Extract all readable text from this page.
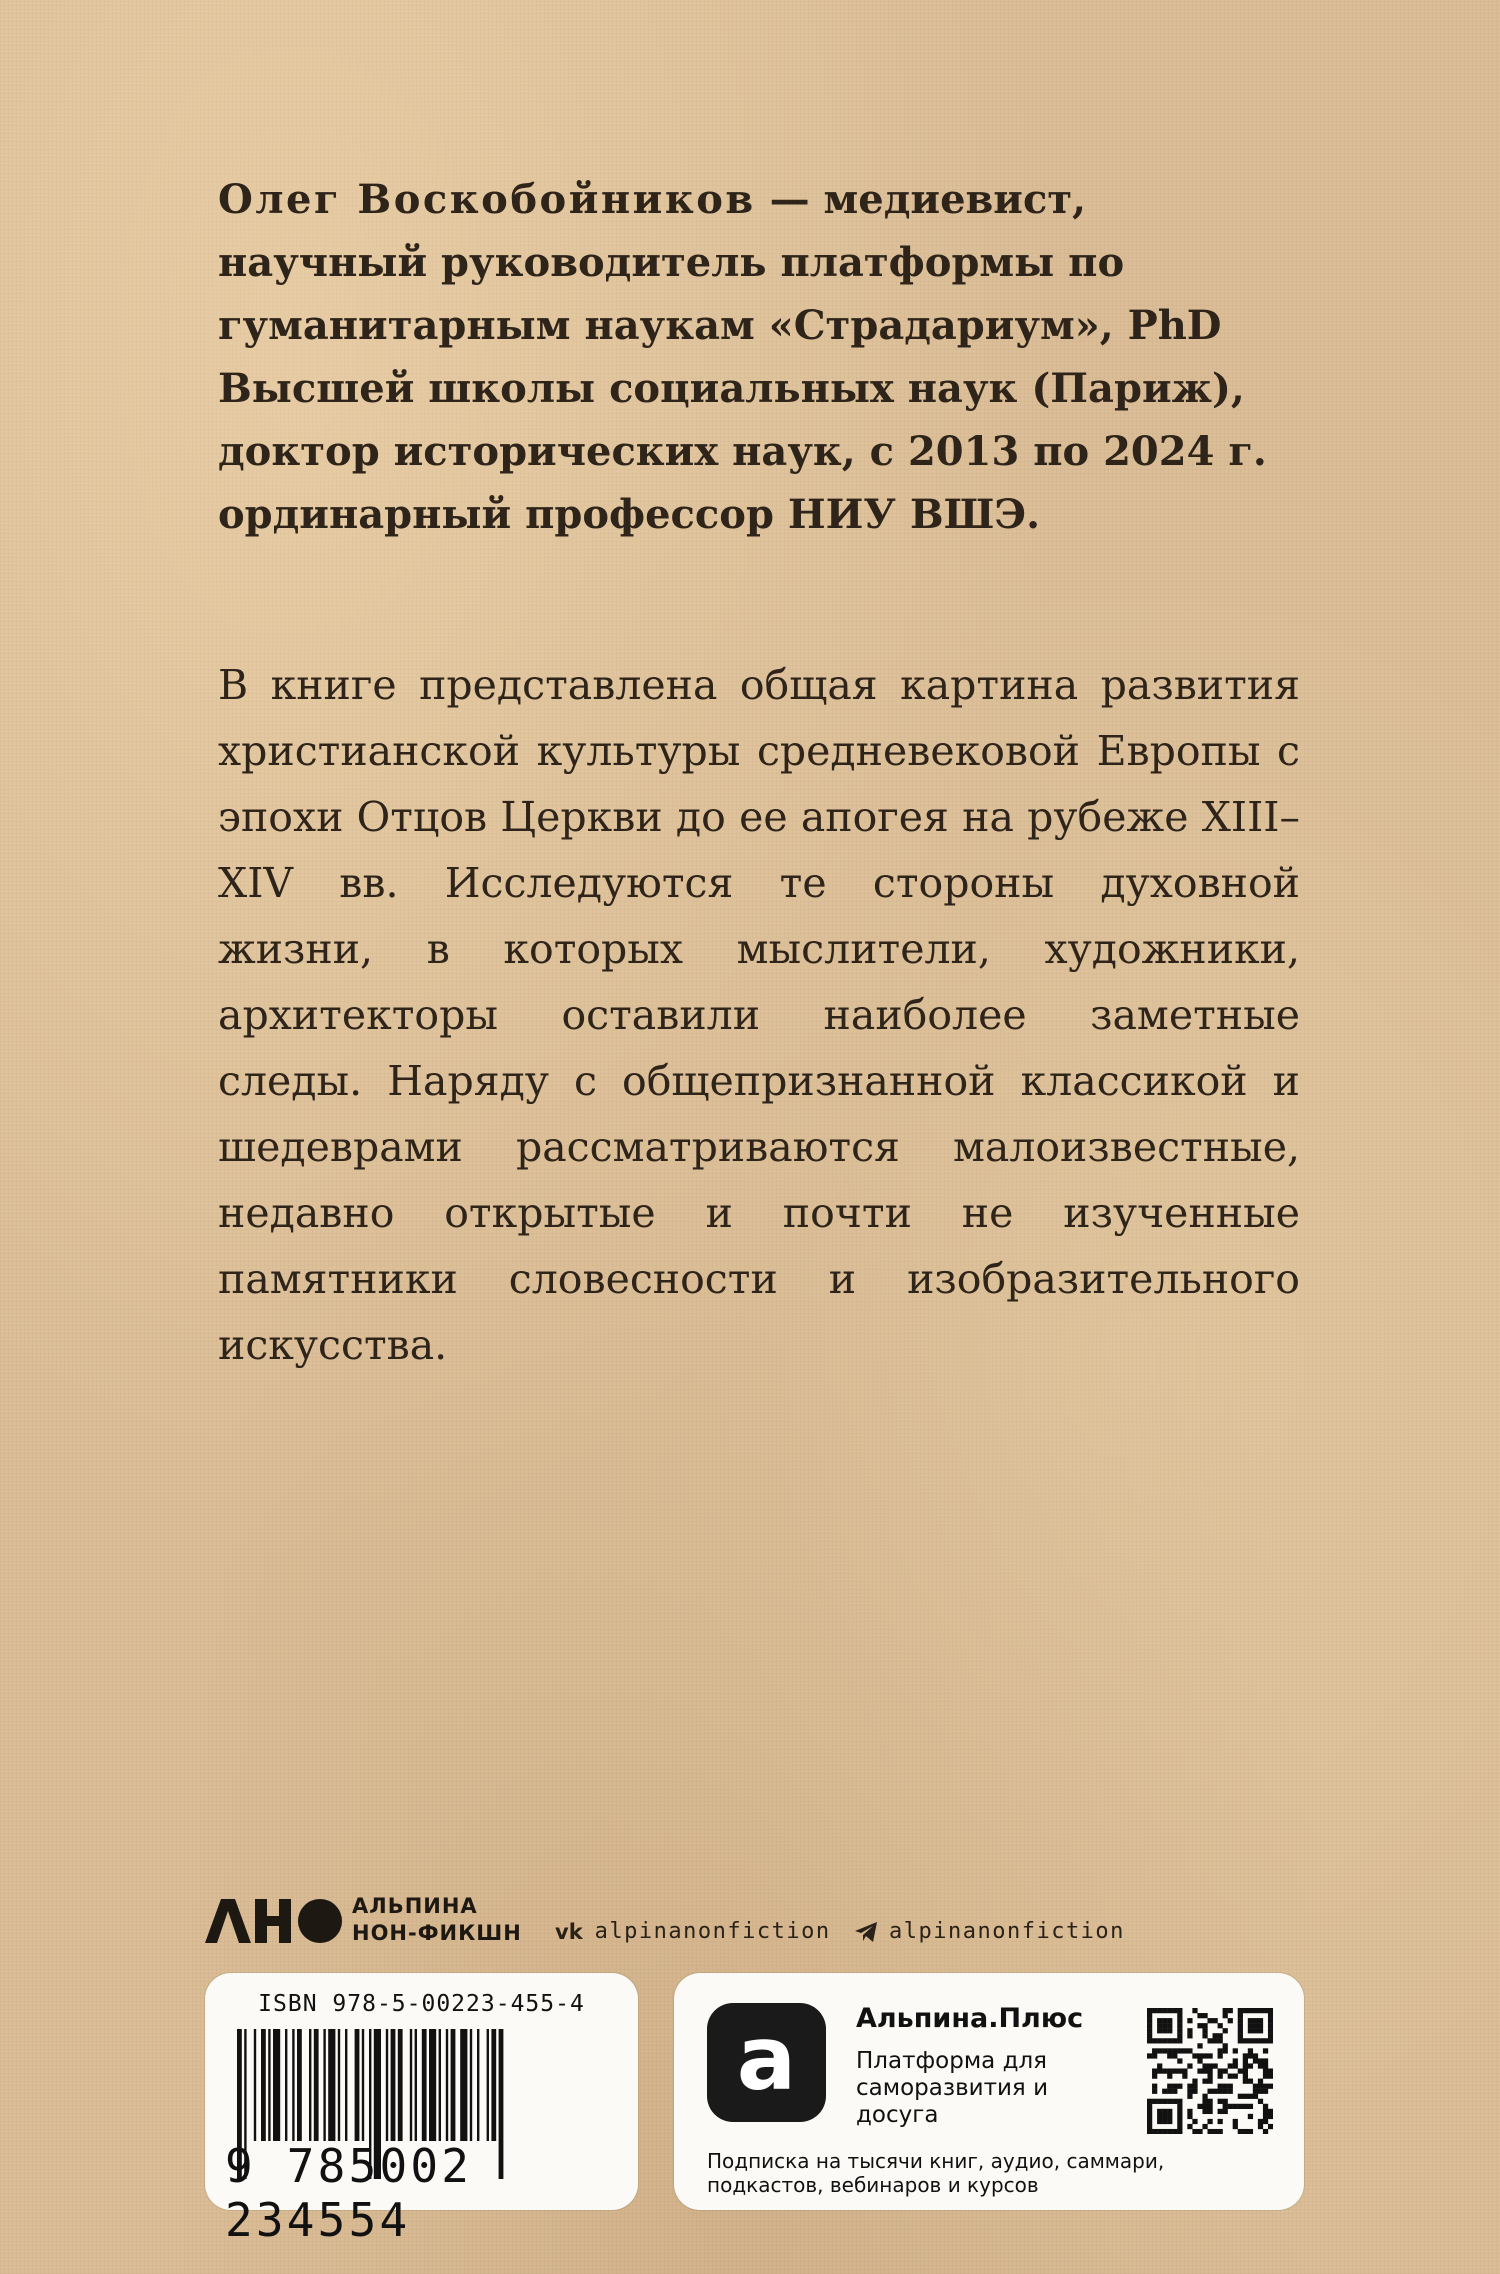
Олег Воскобойников — медиевист, научный руководитель платформы по гуманитарным наукам «Страдариум», PhD Высшей школы социальных наук (Париж), доктор исторических наук, с 2013 по 2024 г. ординарный профессор НИУ ВШЭ.

В книге представлена общая картина развития христианской культуры средневековой Европы с эпохи Отцов Церкви до ее апогея на рубеже XIII–XIV вв. Исследуются те стороны духовной жизни, в которых мыслители, художники, архитекторы оставили наиболее заметные следы. Наряду с общепризнанной классикой и шедеврами рассматриваются малоизвестные, недавно открытые и почти не изученные памятники словесности и изобразительного искусства.

АЛЬПИНА
НОН-ФИКШН vk alpinanonfiction	alpinanonfiction
ISBN 978-5-00223-455-4
9 785002 234554
a	Альпина.Плюс
Платформа для саморазвития и досуга
Подписка на тысячи книг, аудио, саммари, подкастов, вебинаров и курсов
